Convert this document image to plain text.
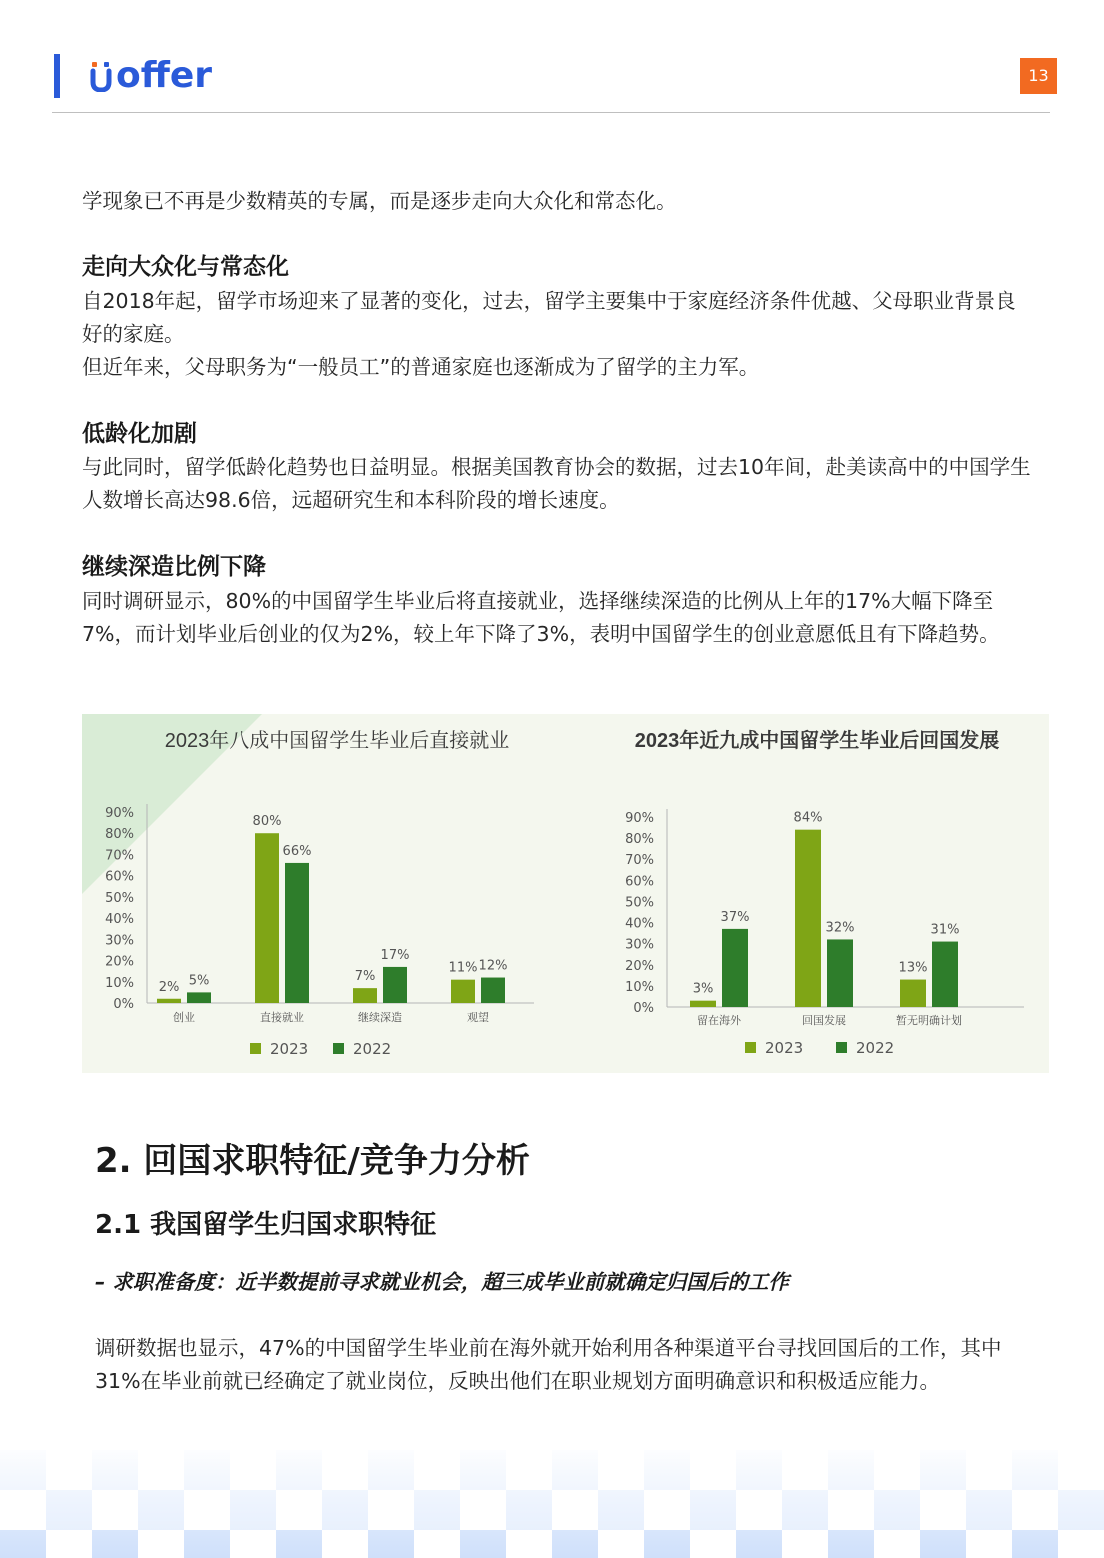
offer	13

学现象已不再是少数精英的专属，而是逐步走向大众化和常态化。

走向大众化与常态化

自2018年起，留学市场迎来了显著的变化，过去，留学主要集中于家庭经济条件优越、父母职业背景良好的家庭。

但近年来，父母职务为“一般员工”的普通家庭也逐渐成为了留学的主力军。

低龄化加剧

与此同时，留学低龄化趋势也日益明显。根据美国教育协会的数据，过去10年间，赴美读高中的中国学生人数增长高达98.6倍，远超研究生和本科阶段的增长速度。

继续深造比例下降

同时调研显示，80%的中国留学生毕业后将直接就业，选择继续深造的比例从上年的17%大幅下降至7%，而计划毕业后创业的仅为2%，较上年下降了3%，表明中国留学生的创业意愿低且有下降趋势。

2023年八成中国留学生毕业后直接就业
0%
10%
20%
30%
40%
50%
60%
70%
80%
90%
2% 5%
创业
80%
66%
直接就业
7%
17%
继续深造
11% 12%
观望
2023	2022
2023年近九成中国留学生毕业后回国发展
0%
10%
20%
30%
40%
50%
60%
70%
80%
90%
3%
37%
留在海外
84%
32%
回国发展
13%
31%
暂无明确计划
2023	2022
2. 回国求职特征/竞争力分析
2.1 我国留学生归国求职特征
– 求职准备度：近半数提前寻求就业机会，超三成毕业前就确定归国后的工作

调研数据也显示，47%的中国留学生毕业前在海外就开始利用各种渠道平台寻找回国后的工作，其中31%在毕业前就已经确定了就业岗位，反映出他们在职业规划方面明确意识和积极适应能力。
